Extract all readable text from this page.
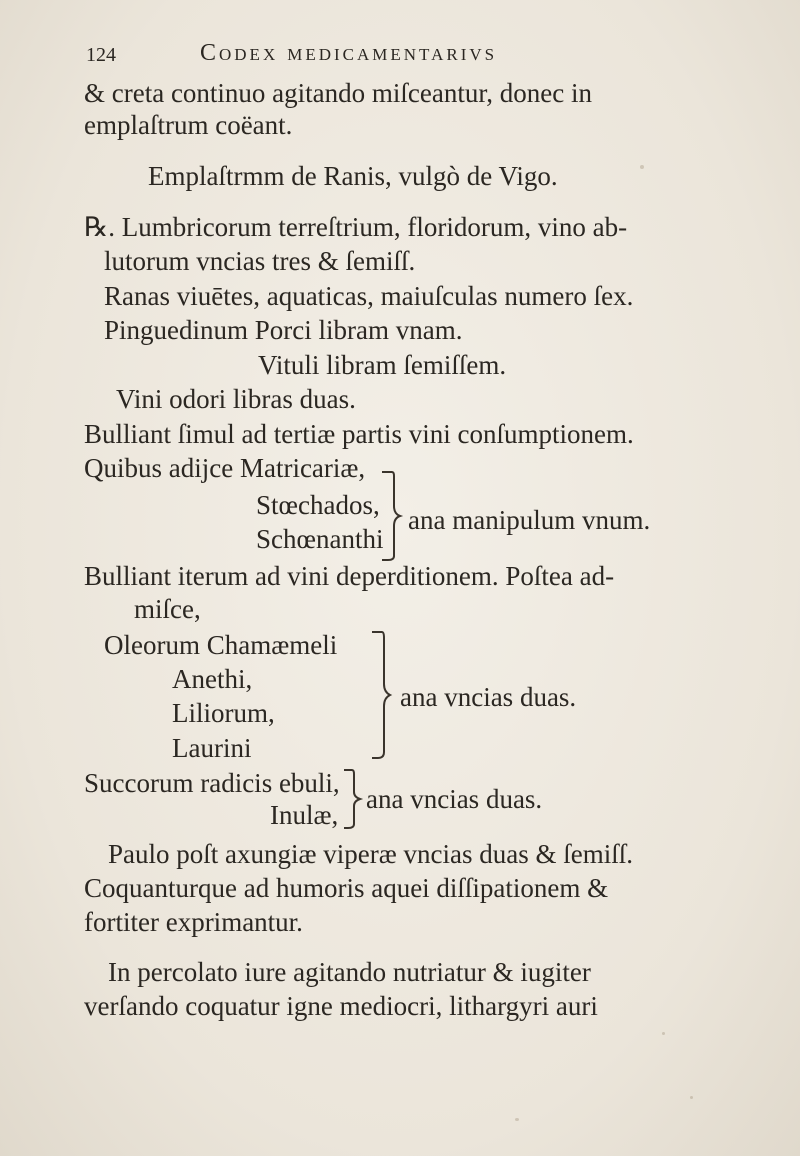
124	Codex medicamentarivs
& creta continuo agitando miſceantur, donec in
emplaſtrum coëant.
Emplaſtrmm de Ranis, vulgò de Vigo.
℞. Lumbricorum terreſtrium, floridorum, vino ab-
lutorum vncias tres & ſemiſſ.
Ranas viuētes, aquaticas, maiuſculas numero ſex.
Pinguedinum Porci libram vnam.
Vituli libram ſemiſſem.
Vini odori libras duas.
Bulliant ſimul ad tertiæ partis vini conſumptionem.
Quibus adijce Matricariæ,
Stœchados,
Schœnanthi
ana manipulum vnum.
Bulliant iterum ad vini deperditionem. Poſtea ad-
miſce,
Oleorum Chamæmeli
Anethi,
Liliorum,
Laurini
ana vncias duas.
Succorum radicis ebuli,
Inulæ,
ana vncias duas.
Paulo poſt axungiæ viperæ vncias duas & ſemiſſ.
Coquanturque ad humoris aquei diſſipationem &
fortiter exprimantur.
In percolato iure agitando nutriatur & iugiter
verſando coquatur igne mediocri, lithargyri auri
